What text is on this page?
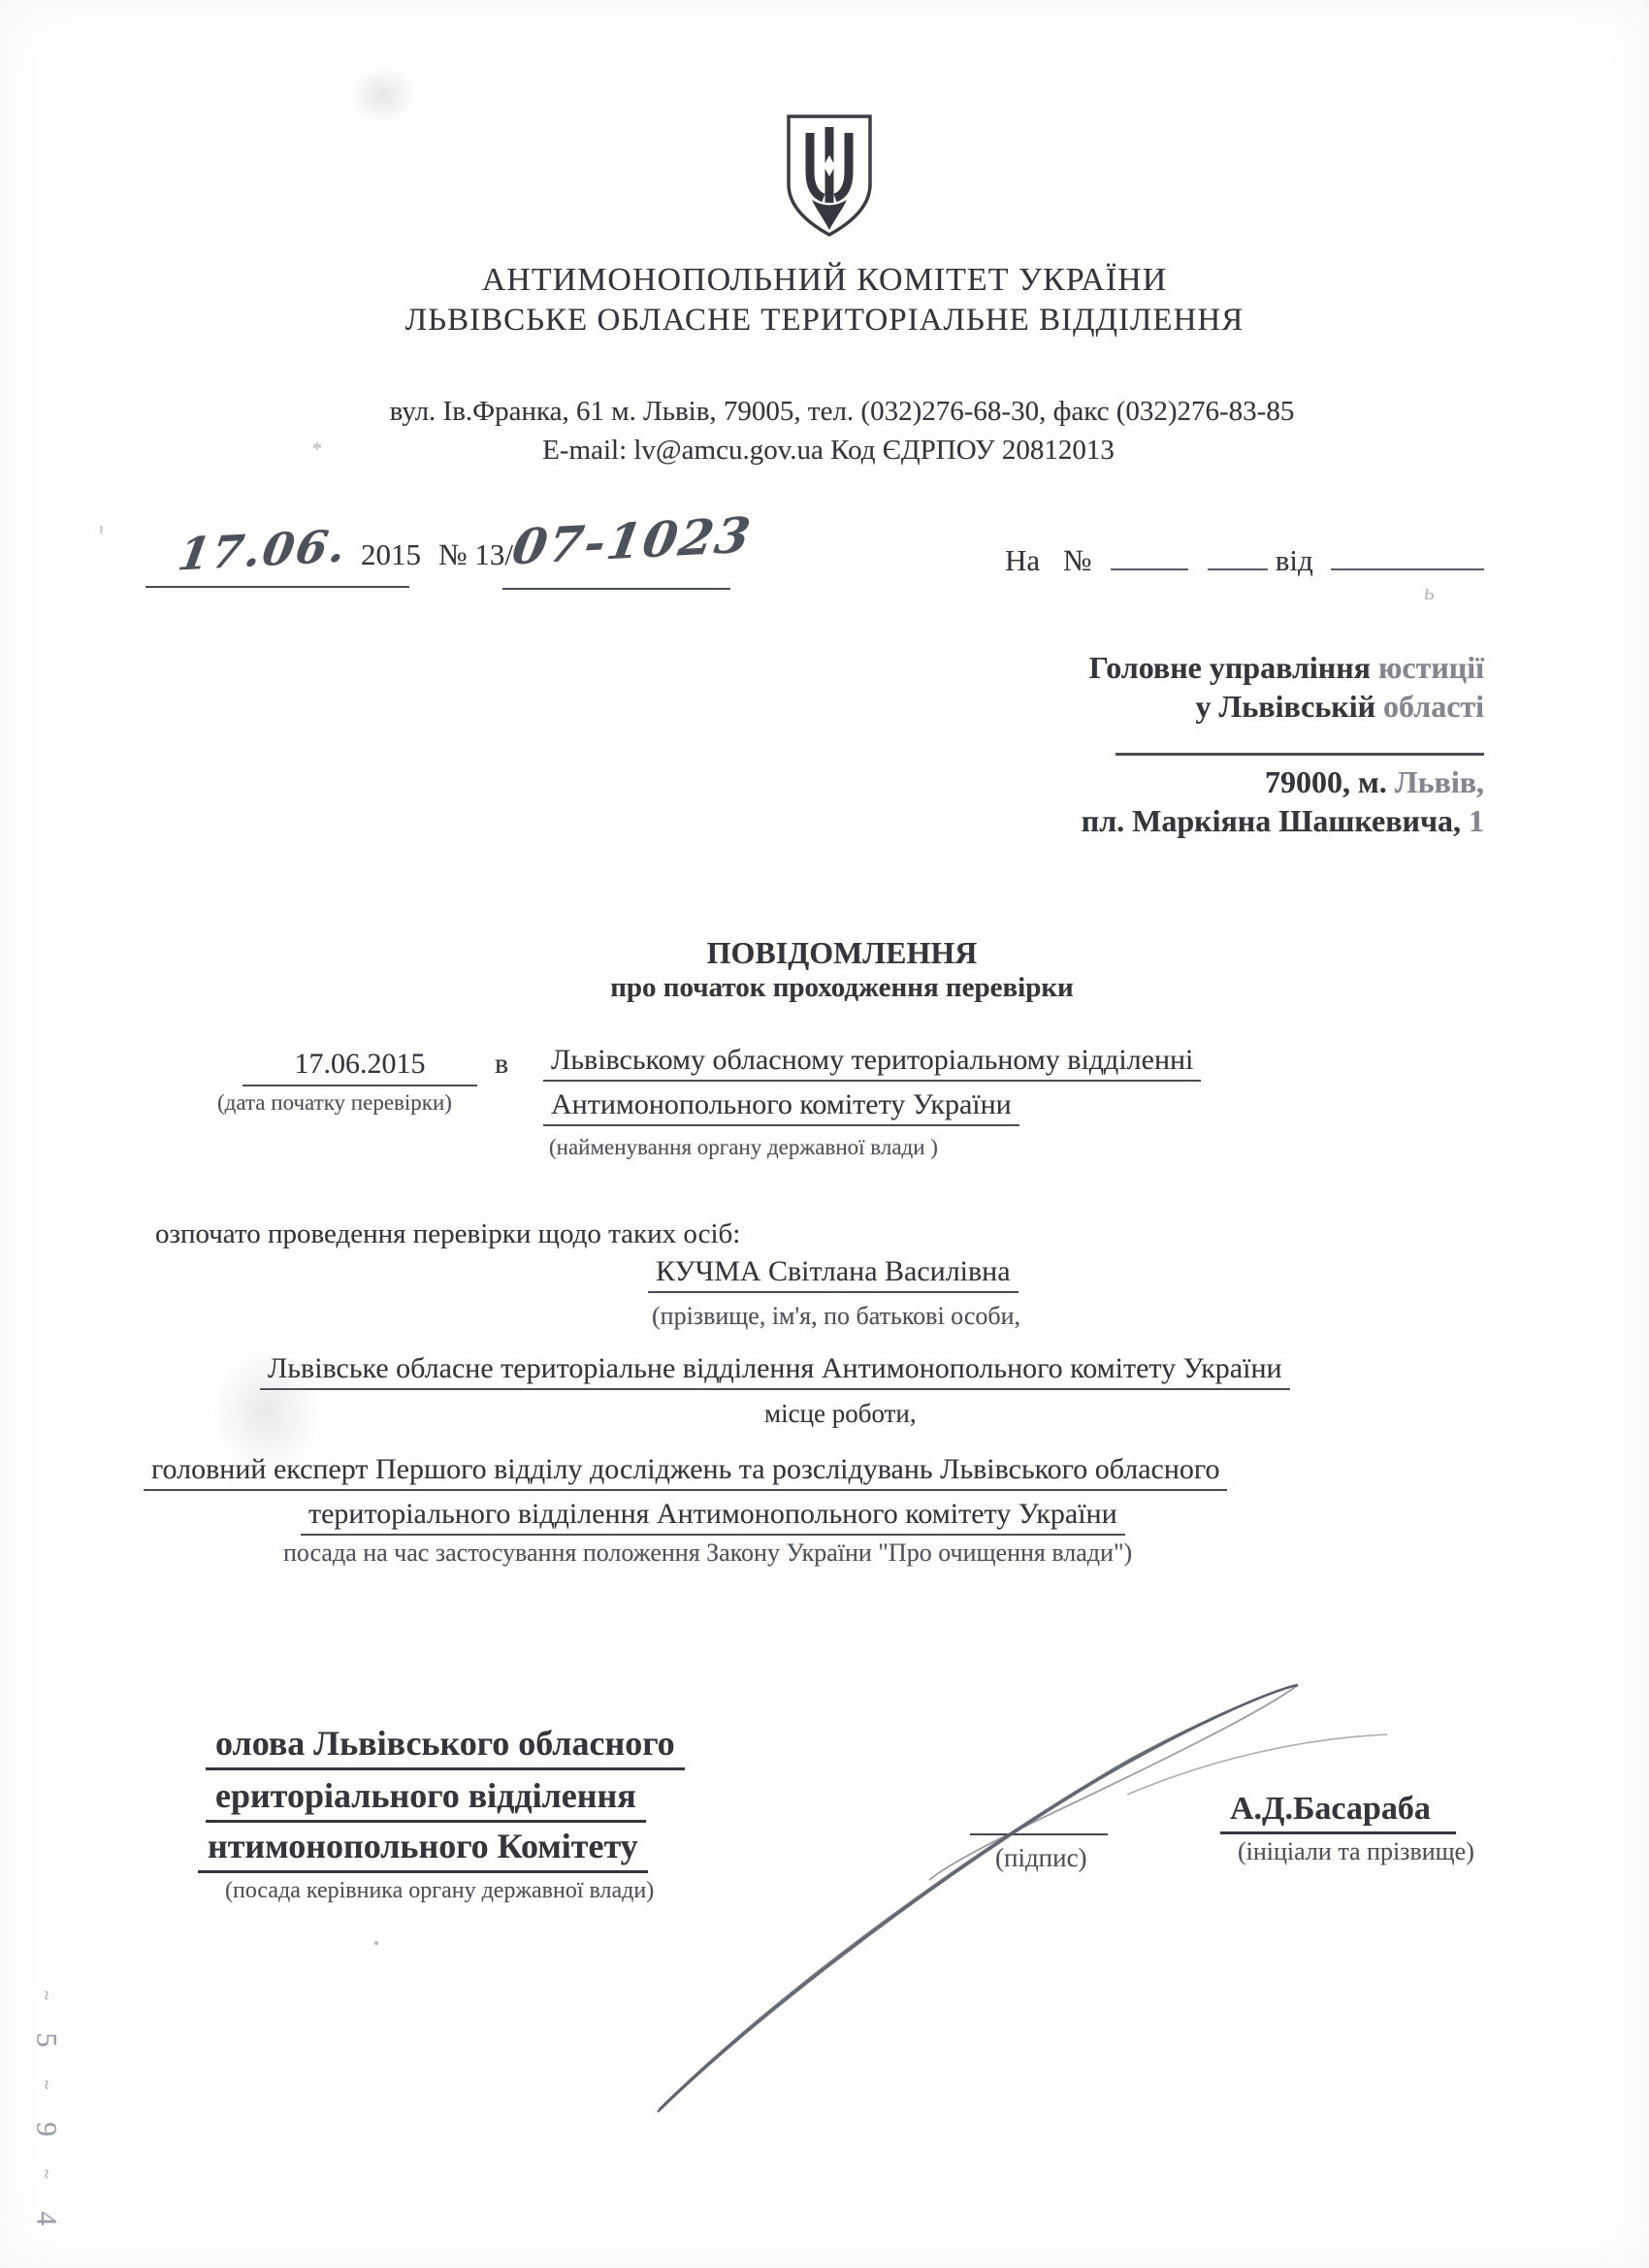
АНТИМОНОПОЛЬНИЙ КОМІТЕТ УКРАЇНИ
ЛЬВІВСЬКЕ ОБЛАСНЕ ТЕРИТОРІАЛЬНЕ ВІДДІЛЕННЯ
вул. Ів.Франка, 61 м. Львів, 79005, тел. (032)276-68-30, факс (032)276-83-85
E-mail: lv@amcu.gov.ua Код ЄДРПОУ 20812013
*
17.06. 2015 № 13/
07-1023	На №	від
ь
Головне управління юстиції
у Львівській області
79000, м. Львів,
пл. Маркіяна Шашкевича, 1
ПОВІДОМЛЕННЯ
про початок проходження перевірки
17.06.2015
(дата початку перевірки)
в Львівському обласному територіальному відділенні
Антимонопольного комітету України
(найменування органу державної влади )
озпочато проведення перевірки щодо таких осіб:
КУЧМА Світлана Василівна
(прізвище, ім'я, по батькові особи,
Львівське обласне територіальне відділення Антимонопольного комітету України
місце роботи,
головний експерт Першого відділу досліджень та розслідувань Львівського обласного
територіального відділення Антимонопольного комітету України
посада на час застосування положення Закону України "Про очищення влади")
олова Львівського обласного
ериторіального відділення
нтимонопольного Комітету
(посада керівника органу державної влади)
(підпис)
А.Д.Басараба
(ініціали та прізвище)
~
5
~
9
~
4
